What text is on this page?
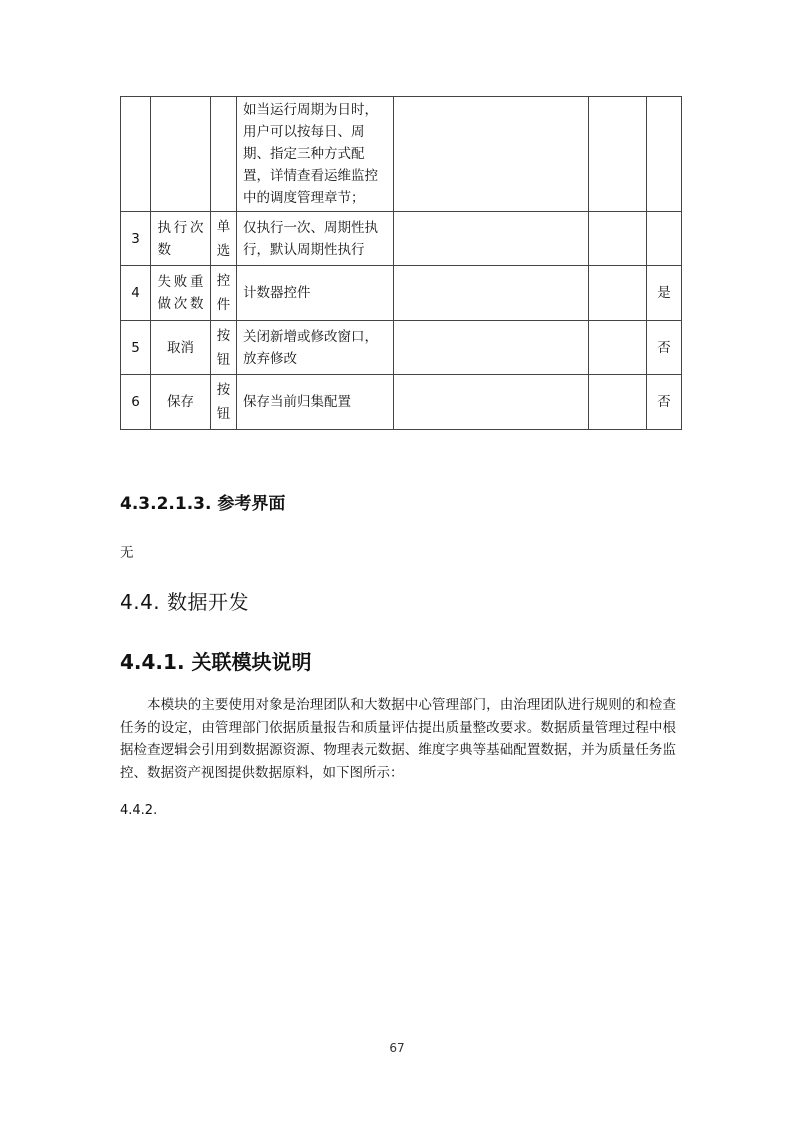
			如当运行周期为日时，用户可以按每日、周期、指定三种方式配置，详情查看运维监控中的调度管理章节；			
3	执行次数	单选	仅执行一次、周期性执行，默认周期性执行			
4	失败重做次数	控件	计数器控件			是
5	取消	按钮	关闭新增或修改窗口，放弃修改			否
6	保存	按钮	保存当前归集配置			否
4.3.2.1.3. 参考界面

无

4.4. 数据开发
4.4.1. 关联模块说明

本模块的主要使用对象是治理团队和大数据中心管理部门，由治理团队进行规则的和检查任务的设定，由管理部门依据质量报告和质量评估提出质量整改要求。数据质量管理过程中根据检查逻辑会引用到数据源资源、物理表元数据、维度字典等基础配置数据，并为质量任务监控、数据资产视图提供数据原料，如下图所示：

4.4.2.

67
